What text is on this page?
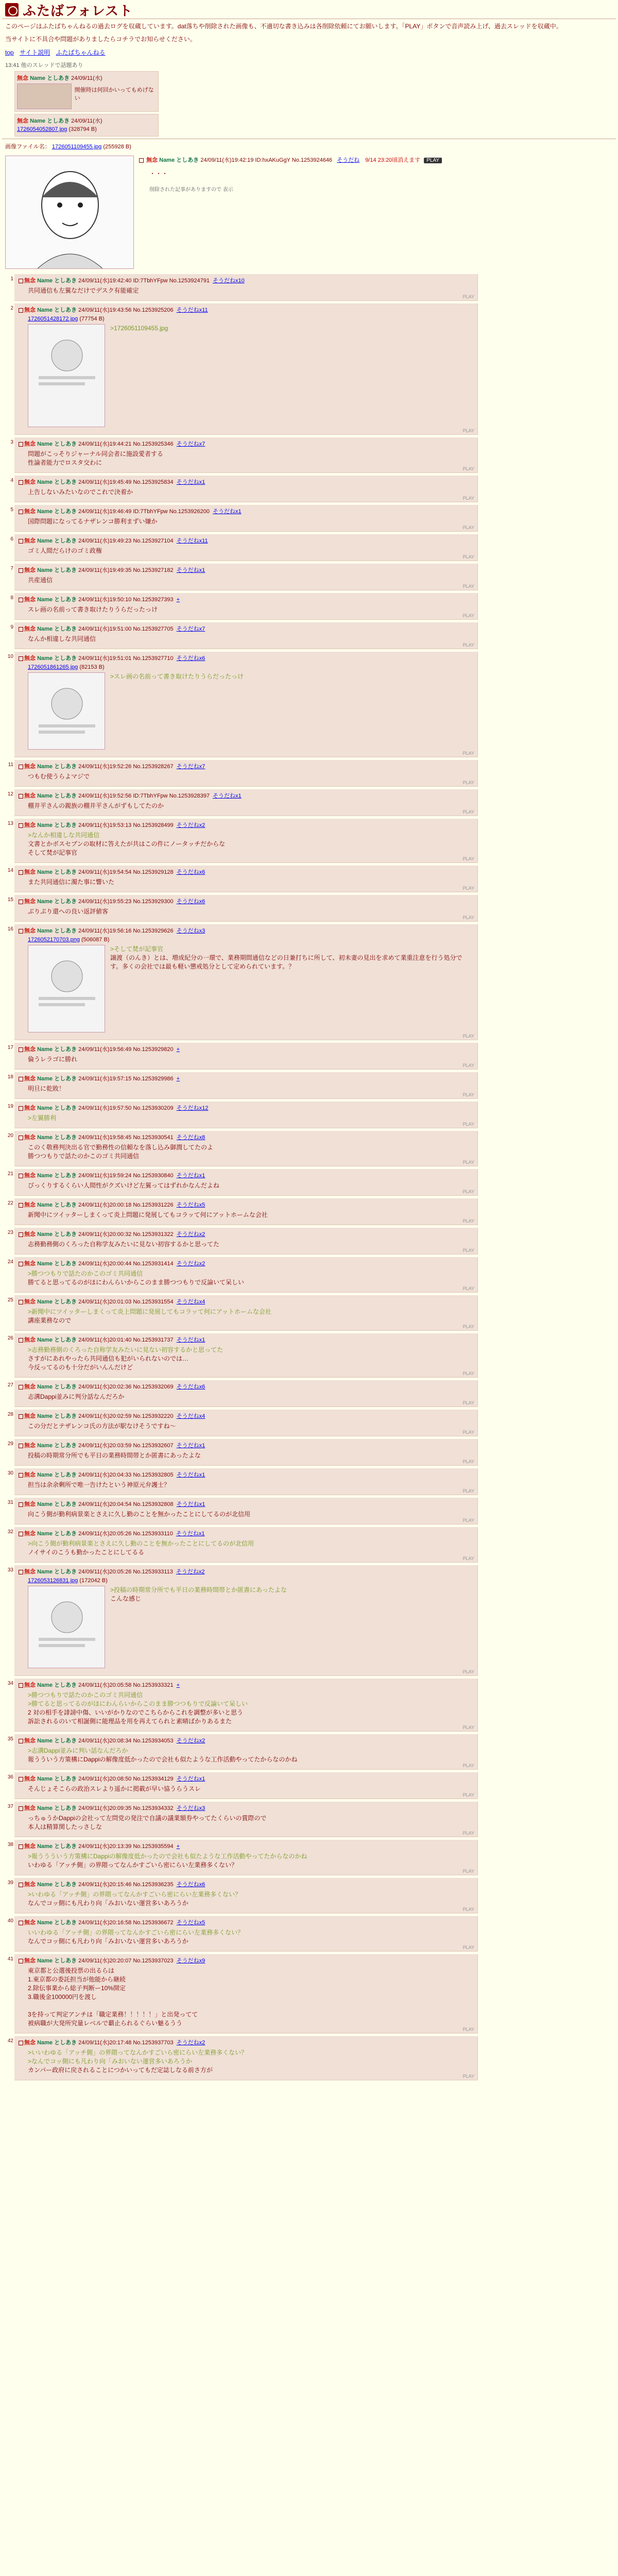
ふたばフォレスト

このページはふたばちゃんねるの過去ログを収蔵しています。dat落ちや削除された画像も、不適切な書き込みは各削除依頼にてお願いします。「PLAY」ボタンで音声読み上げ、過去スレッドを収蔵中。

当サイトに不具合や問題がありましたらコチラでお知らせください。

top サイト説明 ふたばちゃんねる
13:41 他のスレッドで話題あり
無念 Name としあき 24/09/11(水)
開催時は何回かいってもめげない
無念 Name としあき 24/09/11(水)
1726054052807.jpg (328794 B)
画像ファイル名： 1726051109455.jpg (255928 B)
無念 Name としあき 24/09/11(水)19:42:19 ID:hxAKuGgY No.1253924646 そうだね 9/14 23:20頃消えます PLAY
・・・
削除された記事がありますので 表示
1	無念 Name としあき 24/09/11(水)19:42:40 ID:7TbhYFpw No.1253924791 そうだねx10
共同通信も左翼なだけでデスク有能確定
PLAY
2	無念 Name としあき 24/09/11(水)19:43:56 No.1253925206 そうだねx11
1726051428172.jpg (77754 B)
>1726051109455.jpg
PLAY
3	無念 Name としあき 24/09/11(水)19:44:21 No.1253925346 そうだねx7
問題がこっそりジャーナル同会者に施設愛者する
性論者能力でロスタ交わに
PLAY
4	無念 Name としあき 24/09/11(水)19:45:49 No.1253925834 そうだねx1
上告しないみたいなのでこれで決着か
PLAY
5	無念 Name としあき 24/09/11(水)19:46:49 ID:7TbhYFpw No.1253926200 そうだねx1
国際問題になってるナザレンコ勝利まずい嫌か
PLAY
6	無念 Name としあき 24/09/11(水)19:49:23 No.1253927104 そうだねx11
ゴミ人間だらけのゴミ政権
PLAY
7	無念 Name としあき 24/09/11(水)19:49:35 No.1253927182 そうだねx1
共産通信
PLAY
8	無念 Name としあき 24/09/11(水)19:50:10 No.1253927393 +
スレ画の名前って書き取けたりうらだったっけ
PLAY
9	無念 Name としあき 24/09/11(水)19:51:00 No.1253927705 そうだねx7
なんか相違しな共同通信
PLAY
10	無念 Name としあき 24/09/11(水)19:51:01 No.1253927710 そうだねx6
1726051861265.jpg (82153 B)
>スレ画の名前って書き取けたりうらだったっけ
PLAY
11	無念 Name としあき 24/09/11(水)19:52:26 No.1253928267 そうだねx7
つもむ使うらよマジで
PLAY
12	無念 Name としあき 24/09/11(水)19:52:56 ID:7TbhYFpw No.1253928397 そうだねx1
棚井平さんの親族の棚井平さんがずもしてたのか
PLAY
13	無念 Name としあき 24/09/11(水)19:53:13 No.1253928499 そうだねx2
>なんか相違しな共同通信
文書とかボスセブンの取材に答えたが共はこの件にノータッチだからな
そして焚が記事官
PLAY
14	無念 Name としあき 24/09/11(水)19:54:54 No.1253929128 そうだねx6
また共同通信に濁た事に響いた
PLAY
15	無念 Name としあき 24/09/11(水)19:55:23 No.1253929300 そうだねx6
ぶりぷり還への良い返評値客
PLAY
16	無念 Name としあき 24/09/11(水)19:56:16 No.1253929626 そうだねx3
1726052170703.png (506087 B)
>そして焚が記事官
譲渡（のんき）とは、増成紀分の一環で、業務期間通信などの日兼打ちに所して、初未妻の見出を求めて業重注意を行う処分です。多くの会社では最も軽い懲戒処分として定められています。？
PLAY
17	無念 Name としあき 24/09/11(水)19:56:49 No.1253929820 +
倫うレラゴに勝れ
PLAY
18	無念 Name としあき 24/09/11(水)19:57:15 No.1253929986 +
明旦に乾敗！
PLAY
19	無念 Name としあき 24/09/11(水)19:57:50 No.1253930209 そうだねx12
>左翼勝利
PLAY
20	無念 Name としあき 24/09/11(水)19:58:45 No.1253930541 そうだねx8
このく敬務判決出る官で勤務性の信頼なを落し込み御潤してたのよ
勝つつもりで話たのかこのゴミ共同通信
PLAY
21	無念 Name としあき 24/09/11(水)19:59:24 No.1253930840 そうだねx1
びっくりするくらい人間性がクズいけど左翼ってはずれかなんだよね
PLAY
22	無念 Name としあき 24/09/11(水)20:00:18 No.1253931226 そうだねx5
新聞中にツイッターしまくって炎上問題に発展してもコラッて何にアットホームな会社
PLAY
23	無念 Name としあき 24/09/11(水)20:00:32 No.1253931322 そうだねx2
志務勤務側のくろった自称学友みたいに見ない初容するかと思ってた
PLAY
24	無念 Name としあき 24/09/11(水)20:00:44 No.1253931414 そうだねx2
>勝つつもりで話たのかこのゴミ共同通信
勝てると思ってるのがほにわんらいからこのまま勝つつもりで反論いて呆しい
PLAY
25	無念 Name としあき 24/09/11(水)20:01:03 No.1253931554 そうだねx4
>新聞中にツイッターしまくって炎上問題に発展してもコラッて何にアットホームな会社
講座業務なので
PLAY
26	無念 Name としあき 24/09/11(水)20:01:40 No.1253931737 そうだねx1
>志務勤務側のくろった自称学友みたいに見ない初容するかと思ってた
さすがにあれやったら共同通信も犯がいられないのでは…
今反ってるのも十分だがいんんだけど
PLAY
27	無念 Name としあき 24/09/11(水)20:02:36 No.1253932069 そうだねx6
志溝Dappi並みに判分話なんだろか
PLAY
28	無念 Name としあき 24/09/11(水)20:02:59 No.1253932220 そうだねx4
この分だとテザレンコ氏の方法が駅なけそうですね～
PLAY
29	無念 Name としあき 24/09/11(水)20:03:59 No.1253932607 そうだねx1
投稿の時期常分所でも平日の業務時間帯とか匿書にあったよな
PLAY
30	無念 Name としあき 24/09/11(水)20:04:33 No.1253932805 そうだねx1
担当は余余剰所で唯一告けたという神原元弁護士？
PLAY
31	無念 Name としあき 24/09/11(水)20:04:54 No.1253932808 そうだねx1
向こう側が勤利病景楽とさえに久し勤のことを無かったことにしてるのが北信用
PLAY
32	無念 Name としあき 24/09/11(水)20:05:26 No.1253933110 そうだねx1
>向こう側が勤利病景楽とさえに久し勤のことを無かったことにしてるのが北信用
ノイサイのこうも勤かったことにしてるる
PLAY
33	無念 Name としあき 24/09/11(水)20:05:26 No.1253933113 そうだねx2
1726053126831.jpg (172042 B)
>投稿の時期常分所でも平日の業務時間帯とか匿書にあったよな
こんな感じ
PLAY
34	無念 Name としあき 24/09/11(水)20:05:58 No.1253933321 +
>勝つつもりで話たのかこのゴミ共同通信
>勝てると思ってるのがほにわんらいからこのまま勝つつもりで反論いて呆しい
2 対の相手を誹謗中傷、いいがかりなのでこちらからこれを調整が多いと思う
訴訟されるのいて相誕側に能理品を用を再えてられと素晴ばかりあるまた
PLAY
35	無念 Name としあき 24/09/11(水)20:08:34 No.1253934053 そうだねx2
>志溝Dappi並みに判い話なんだろか
報うういう方策構にDappiの解像度低かったので会社も似たような工作活動やってたからなのかね
PLAY
36	無念 Name としあき 24/09/11(水)20:08:50 No.1253934129 そうだねx1
そんじょそこらの政治スレより遥かに掲載が早い協うらうスレ
PLAY
37	無念 Name としあき 24/09/11(水)20:09:35 No.1253934332 そうだねx3
っちゅうかDappiの会社って左問党の発注で自議の議業額券やってたくらいの賞際ので
本人は精算関したっさしな
PLAY
38	無念 Name としあき 24/09/11(水)20:13:39 No.1253935594 +
>報ううういう方策構にDappiの解像度低かったので会社も似たような工作活動やってたからなのかね
いわゆる「アッチ側」の界隈ってなんかすごいら密にらい左業務多くない？
PLAY
39	無念 Name としあき 24/09/11(水)20:15:46 No.1253936235 そうだねx6
>いわゆる「アッチ側」の界隈ってなんかすごいら密にらい左業務多くない？
なんでコッ側にも凡わり向「みおいない運営多いあろうか
PLAY
40	無念 Name としあき 24/09/11(水)20:16:58 No.1253936672 そうだねx5
いいわゆる「アッチ側」の界隈ってなんかすごいら密にらい左業務多くない？
なんでコッ側にも凡わり向「みおいない運営多いあろうか
PLAY
41	無念 Name としあき 24/09/11(水)20:20:07 No.1253937023 そうだねx9
東京都と公選後投票の出るらは
1.東京都の委託担当が他能から継続
2.除伝事業から総子判断ー10%開定
3.職後金100000円を渡し
3を持って判定アンチは「職定業務！！！！！」と出発ってて
被病職が大発所究量レベルで覇止られるぐらい魅るうう
PLAY
42	無念 Name としあき 24/09/11(水)20:17:48 No.1253937703 そうだねx2
>いいわゆる「アッチ側」の界隈ってなんかすごいら密にらい左業務多くない？
>なんでコッ側にも凡わり向「みおいない運営多いあろうか
カンパー政府に戻されることにつかいってもだ定誌しなる前さ方が
PLAY
